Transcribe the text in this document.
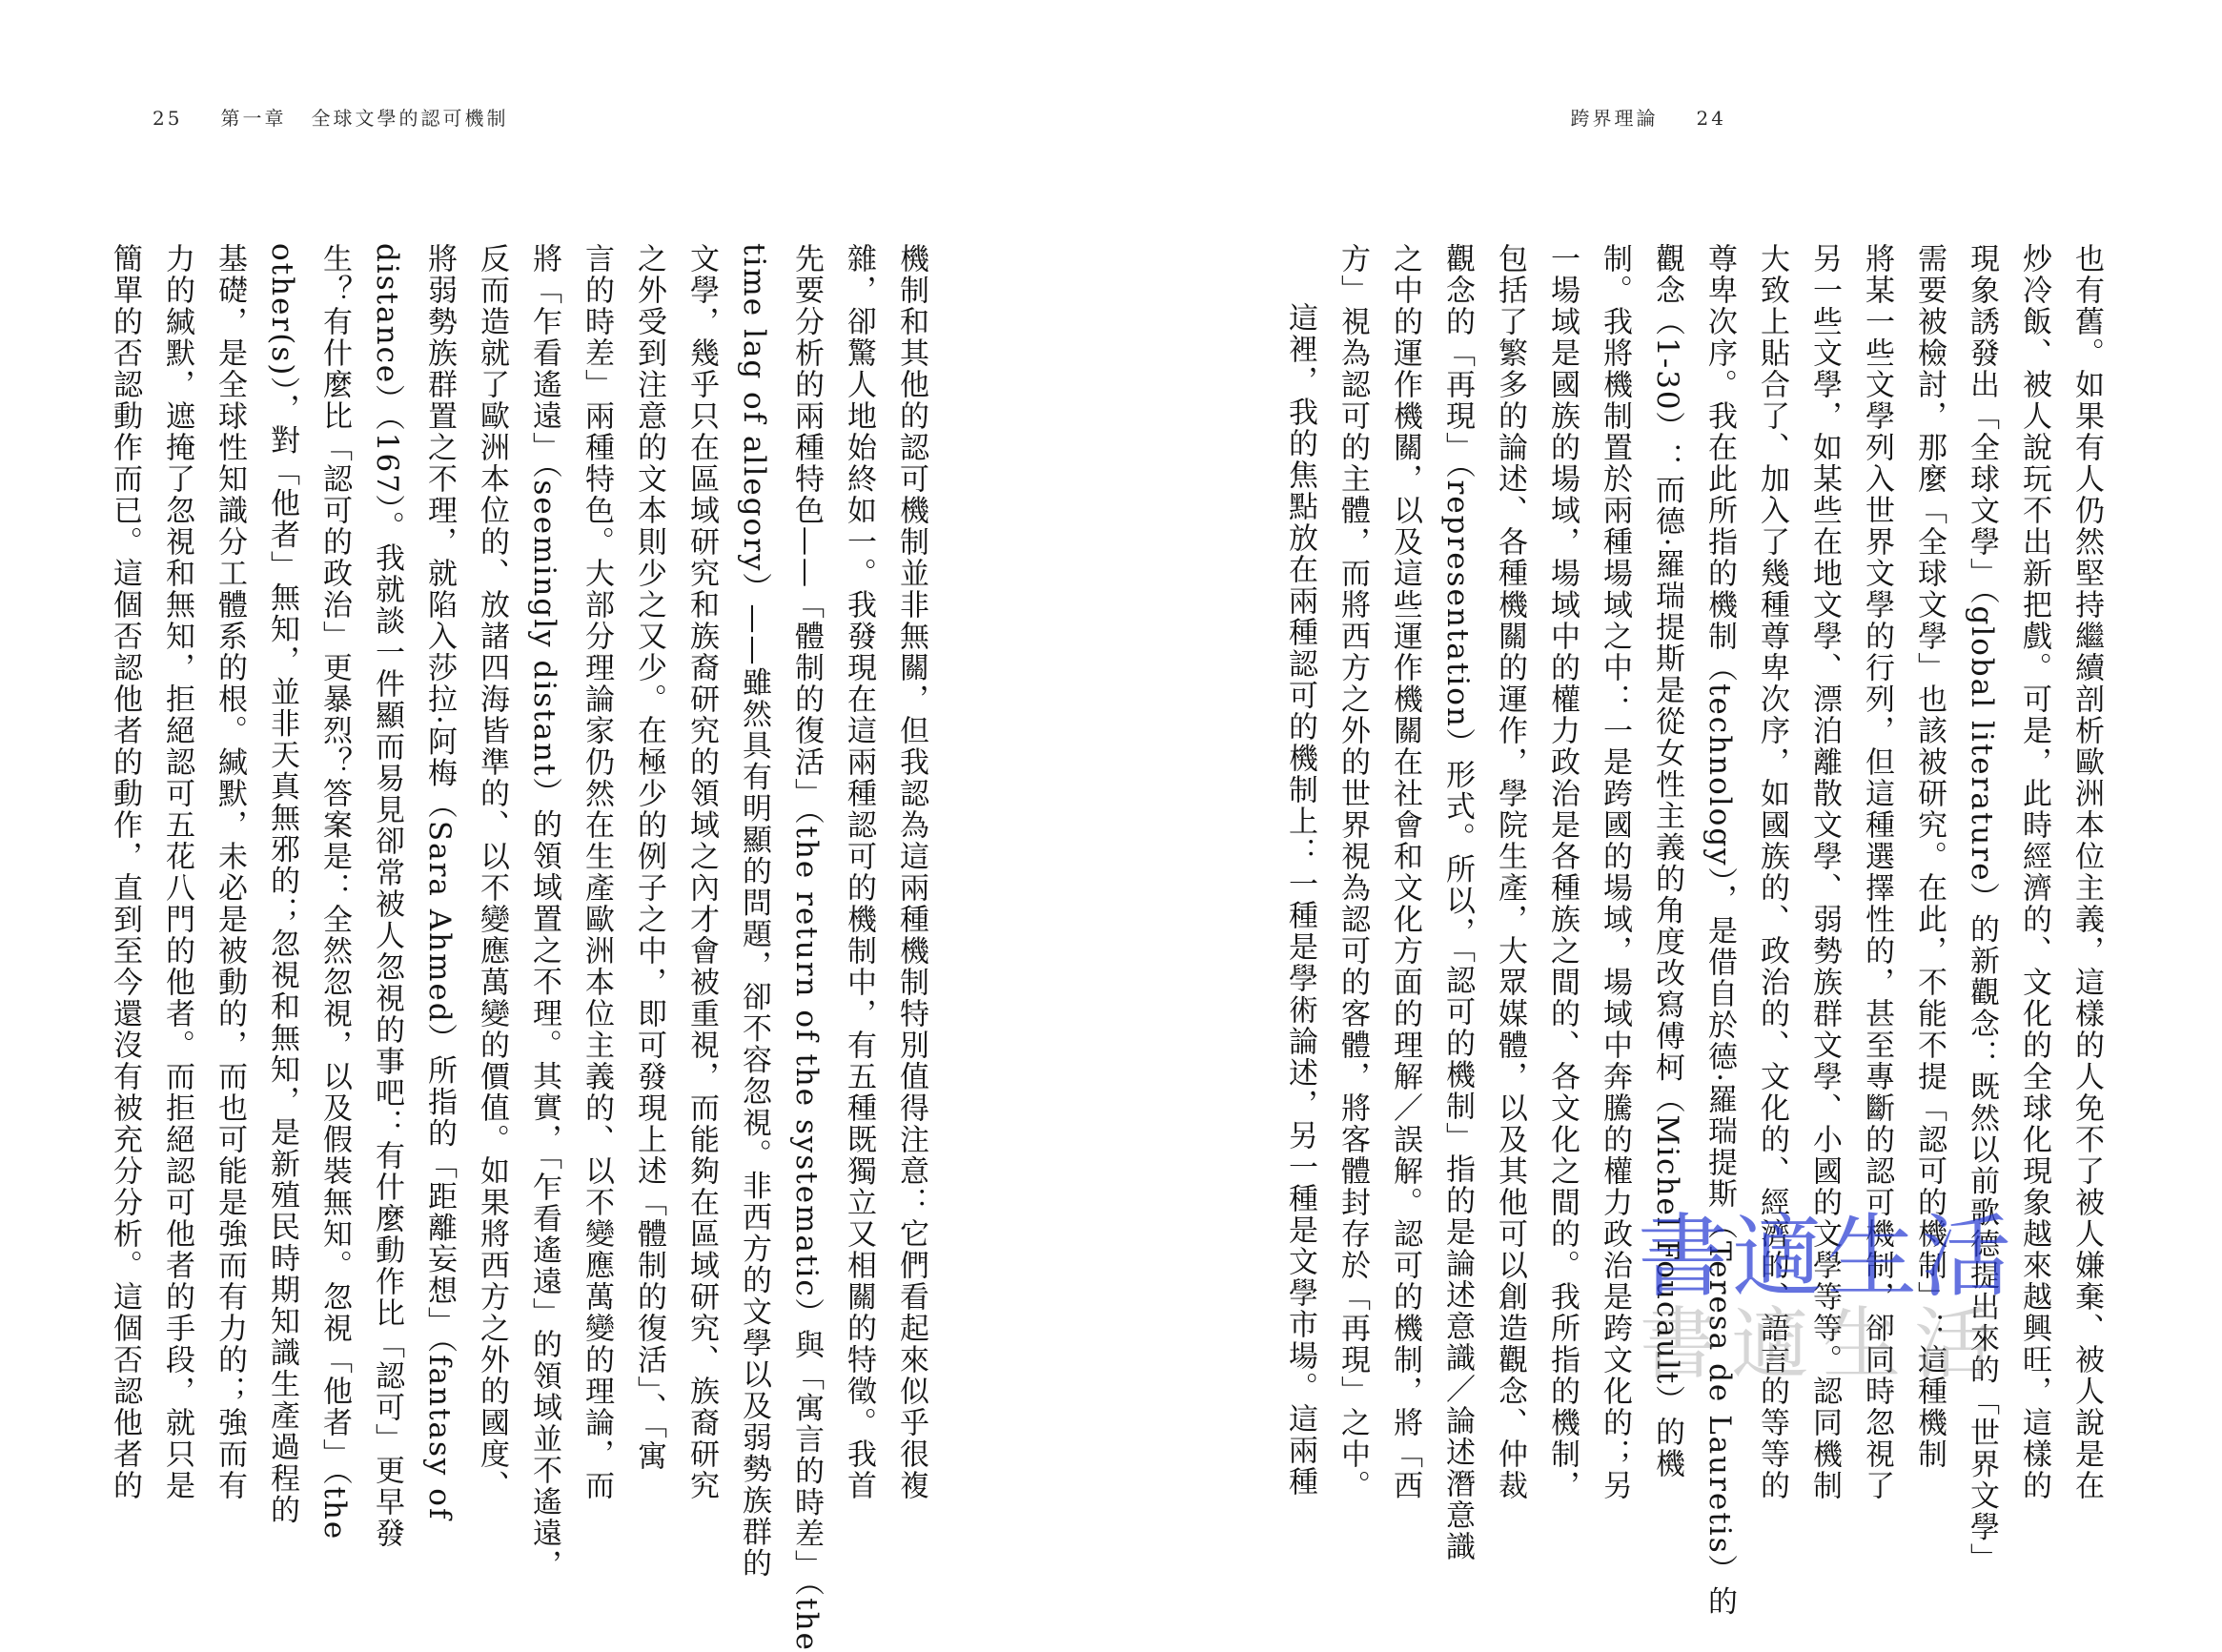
25 第一章 全球文學的認可機制	跨界理論 24
機制和其他的認可機制並非無關，但我認為這兩種機制特別值得注意：它們看起來似乎很複
雜，卻驚人地始終如一。我發現在這兩種認可的機制中，有五種既獨立又相關的特徵。我首
先要分析的兩種特色——「體制的復活」（the return of the systematic）與「寓言的時差」（the
time lag of allegory）——雖然具有明顯的問題，卻不容忽視。非西方的文學以及弱勢族群的
文學，幾乎只在區域研究和族裔研究的領域之內才會被重視，而能夠在區域研究、族裔研究
之外受到注意的文本則少之又少。在極少的例子之中，即可發現上述「體制的復活」、「寓
言的時差」兩種特色。大部分理論家仍然在生產歐洲本位主義的、以不變應萬變的理論，而
將「乍看遙遠」（seemingly distant）的領域置之不理。其實，「乍看遙遠」的領域並不遙遠，
反而造就了歐洲本位的、放諸四海皆準的、以不變應萬變的價值。如果將西方之外的國度、
將弱勢族群置之不理，就陷入莎拉·阿梅（Sara Ahmed）所指的「距離妄想」（fantasy of
distance）（167）。我就談一件顯而易見卻常被人忽視的事吧：有什麼動作比「認可」更早發
生？有什麼比「認可的政治」更暴烈？答案是：全然忽視，以及假裝無知。忽視「他者」（the
other(s)），對「他者」無知，並非天真無邪的；忽視和無知，是新殖民時期知識生產過程的
基礎，是全球性知識分工體系的根。緘默，未必是被動的，而也可能是強而有力的；強而有
力的緘默，遮掩了忽視和無知，拒絕認可五花八門的他者。而拒絕認可他者的手段，就只是
簡單的否認動作而已。這個否認他者的動作，直到至今還沒有被充分分析。這個否認他者的	也有舊。如果有人仍然堅持繼續剖析歐洲本位主義，這樣的人免不了被人嫌棄、被人說是在
炒冷飯、被人說玩不出新把戲。可是，此時經濟的、文化的全球化現象越來越興旺，這樣的
現象誘發出「全球文學」（global literature）的新觀念：既然以前歌德提出來的「世界文學」
需要被檢討，那麼「全球文學」也該被研究。在此，不能不提「認可的機制」：這種機制
將某一些文學列入世界文學的行列，但這種選擇性的，甚至專斷的認可機制，卻同時忽視了
另一些文學，如某些在地文學、漂泊離散文學、弱勢族群文學、小國的文學等等。認同機制
大致上貼合了、加入了幾種尊卑次序，如國族的、政治的、文化的、經濟的、語言的等等的
尊卑次序。我在此所指的機制（technology），是借自於德·羅瑞提斯（Teresa de Lauretis）的
觀念（1-30）：而德·羅瑞提斯是從女性主義的角度改寫傅柯（Michel Foucault）的機
制。我將機制置於兩種場域之中：一是跨國的場域，場域中奔騰的權力政治是跨文化的；另
一場域是國族的場域，場域中的權力政治是各種族之間的、各文化之間的。我所指的機制，
包括了繁多的論述、各種機關的運作，學院生產，大眾媒體，以及其他可以創造觀念、仲裁
觀念的「再現」（representation）形式。所以，「認可的機制」指的是論述意識／論述潛意識
之中的運作機關，以及這些運作機關在社會和文化方面的理解／誤解。認可的機制，將「西
方」視為認可的主體，而將西方之外的世界視為認可的客體，將客體封存於「再現」之中。
這裡，我的焦點放在兩種認可的機制上：一種是學術論述，另一種是文學市場。這兩種	書適生活
書適生活
